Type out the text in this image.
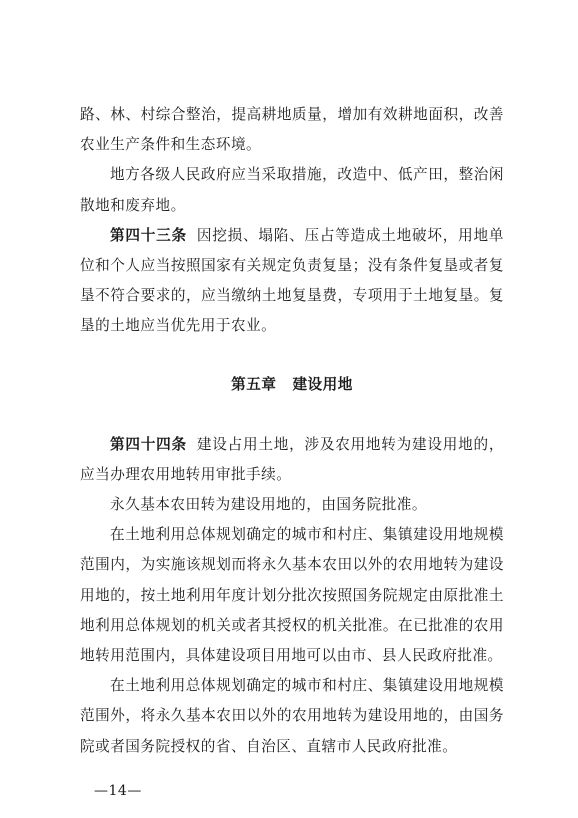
路、林、村综合整治，提高耕地质量，增加有效耕地面积，改善农业生产条件和生态环境。

地方各级人民政府应当采取措施，改造中、低产田，整治闲散地和废弃地。

第四十三条 因挖损、塌陷、压占等造成土地破坏，用地单位和个人应当按照国家有关规定负责复垦；没有条件复垦或者复垦不符合要求的，应当缴纳土地复垦费，专项用于土地复垦。复垦的土地应当优先用于农业。

第五章 建设用地

第四十四条 建设占用土地，涉及农用地转为建设用地的，应当办理农用地转用审批手续。

永久基本农田转为建设用地的，由国务院批准。

在土地利用总体规划确定的城市和村庄、集镇建设用地规模范围内，为实施该规划而将永久基本农田以外的农用地转为建设用地的，按土地利用年度计划分批次按照国务院规定由原批准土地利用总体规划的机关或者其授权的机关批准。在已批准的农用地转用范围内，具体建设项目用地可以由市、县人民政府批准。

在土地利用总体规划确定的城市和村庄、集镇建设用地规模范围外，将永久基本农田以外的农用地转为建设用地的，由国务院或者国务院授权的省、自治区、直辖市人民政府批准。

—14—
